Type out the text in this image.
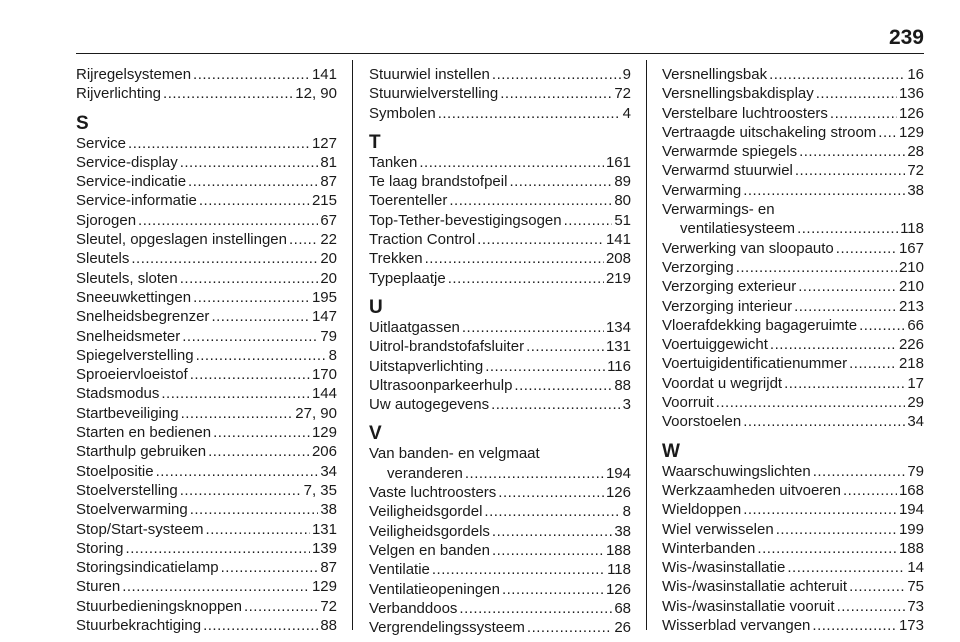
239
Rijregelsystemen .....	141
Rijverlichting .....	12, 90
S
Service .....	127
Service-display .....	81
Service-indicatie .....	87
Service-informatie .....	215
Sjorogen .....	67
Sleutel, opgeslagen instellingen ..... 22
Sleutels .....	20
Sleutels, sloten .....	20
Sneeuwkettingen .....	195
Snelheidsbegrenzer .....	147
Snelheidsmeter .....	79
Spiegelverstelling .....	8
Sproeiervloeistof .....	170
Stadsmodus .....	144
Startbeveiliging .....	27, 90
Starten en bedienen .....	129
Starthulp gebruiken .....	206
Stoelpositie .....	34
Stoelverstelling .....	7, 35
Stoelverwarming .....	38
Stop/Start-systeem .....	131
Storing .....	139
Storingsindicatielamp .....	87
Sturen .....	129
Stuurbedieningsknoppen .....	72
Stuurbekrachtiging .....	88
Stuurwiel instellen .....	9
Stuurwielverstelling .....	72
Symbolen .....	4
T
Tanken .....	161
Te laag brandstofpeil .....	89
Toerenteller .....	80
Top-Tether-bevestigingsogen .....	51
Traction Control .....	141
Trekken .....	208
Typeplaatje .....	219
U
Uitlaatgassen .....	134
Uitrol-brandstofafsluiter .....	131
Uitstapverlichting .....	116
Ultrasoonparkeerhulp .....	88
Uw autogegevens .....	3
V
Van banden- en velgmaat
veranderen .....	194
Vaste luchtroosters .....	126
Veiligheidsgordel .....	8
Veiligheidsgordels .....	38
Velgen en banden .....	188
Ventilatie .....	118
Ventilatieopeningen .....	126
Verbanddoos .....	68
Vergrendelingssysteem .....	26
Versnellingsbak .....	16
Versnellingsbakdisplay .....	136
Verstelbare luchtroosters .....	126
Vertraagde uitschakeling stroom ..... 129
Verwarmde spiegels .....	28
Verwarmd stuurwiel .....	72
Verwarming .....	38
Verwarmings- en
ventilatiesysteem .....	118
Verwerking van sloopauto .....	167
Verzorging .....	210
Verzorging exterieur .....	210
Verzorging interieur .....	213
Vloerafdekking bagageruimte .....	66
Voertuiggewicht .....	226
Voertuigidentificatienummer .....	218
Voordat u wegrijdt .....	17
Voorruit .....	29
Voorstoelen .....	34
W
Waarschuwingslichten .....	79
Werkzaamheden uitvoeren .....	168
Wieldoppen .....	194
Wiel verwisselen .....	199
Winterbanden .....	188
Wis-/wasinstallatie .....	14
Wis-/wasinstallatie achteruit .....	75
Wis-/wasinstallatie vooruit .....	73
Wisserblad vervangen .....	173
